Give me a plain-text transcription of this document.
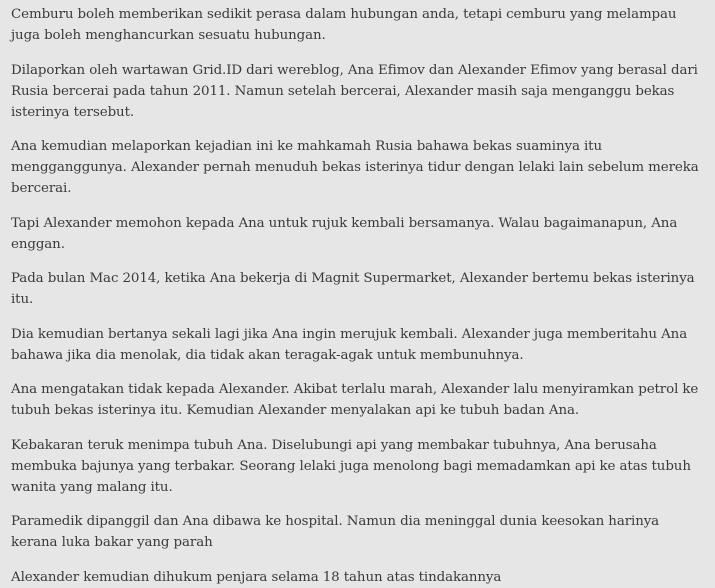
Cemburu boleh memberikan sedikit perasa dalam hubungan anda, tetapi cemburu yang melampau juga boleh menghancurkan sesuatu hubungan.

Dilaporkan oleh wartawan Grid.ID dari wereblog, Ana Efimov dan Alexander Efimov yang berasal dari Rusia bercerai pada tahun 2011. Namun setelah bercerai, Alexander masih saja menganggu bekas isterinya tersebut.

Ana kemudian melaporkan kejadian ini ke mahkamah Rusia bahawa bekas suaminya itu mengganggunya. Alexander pernah menuduh bekas isterinya tidur dengan lelaki lain sebelum mereka bercerai.

Tapi Alexander memohon kepada Ana untuk rujuk kembali bersamanya. Walau bagaimanapun, Ana enggan.

Pada bulan Mac 2014, ketika Ana bekerja di Magnit Supermarket, Alexander bertemu bekas isterinya itu.

Dia kemudian bertanya sekali lagi jika Ana ingin merujuk kembali. Alexander juga memberitahu Ana bahawa jika dia menolak, dia tidak akan teragak-agak untuk membunuhnya.

Ana mengatakan tidak kepada Alexander. Akibat terlalu marah, Alexander lalu menyiramkan petrol ke tubuh bekas isterinya itu. Kemudian Alexander menyalakan api ke tubuh badan Ana.

Kebakaran teruk menimpa tubuh Ana. Diselubungi api yang membakar tubuhnya, Ana berusaha membuka bajunya yang terbakar. Seorang lelaki juga menolong bagi memadamkan api ke atas tubuh wanita yang malang itu.

Paramedik dipanggil dan Ana dibawa ke hospital. Namun dia meninggal dunia keesokan harinya kerana luka bakar yang parah

Alexander kemudian dihukum penjara selama 18 tahun atas tindakannya
